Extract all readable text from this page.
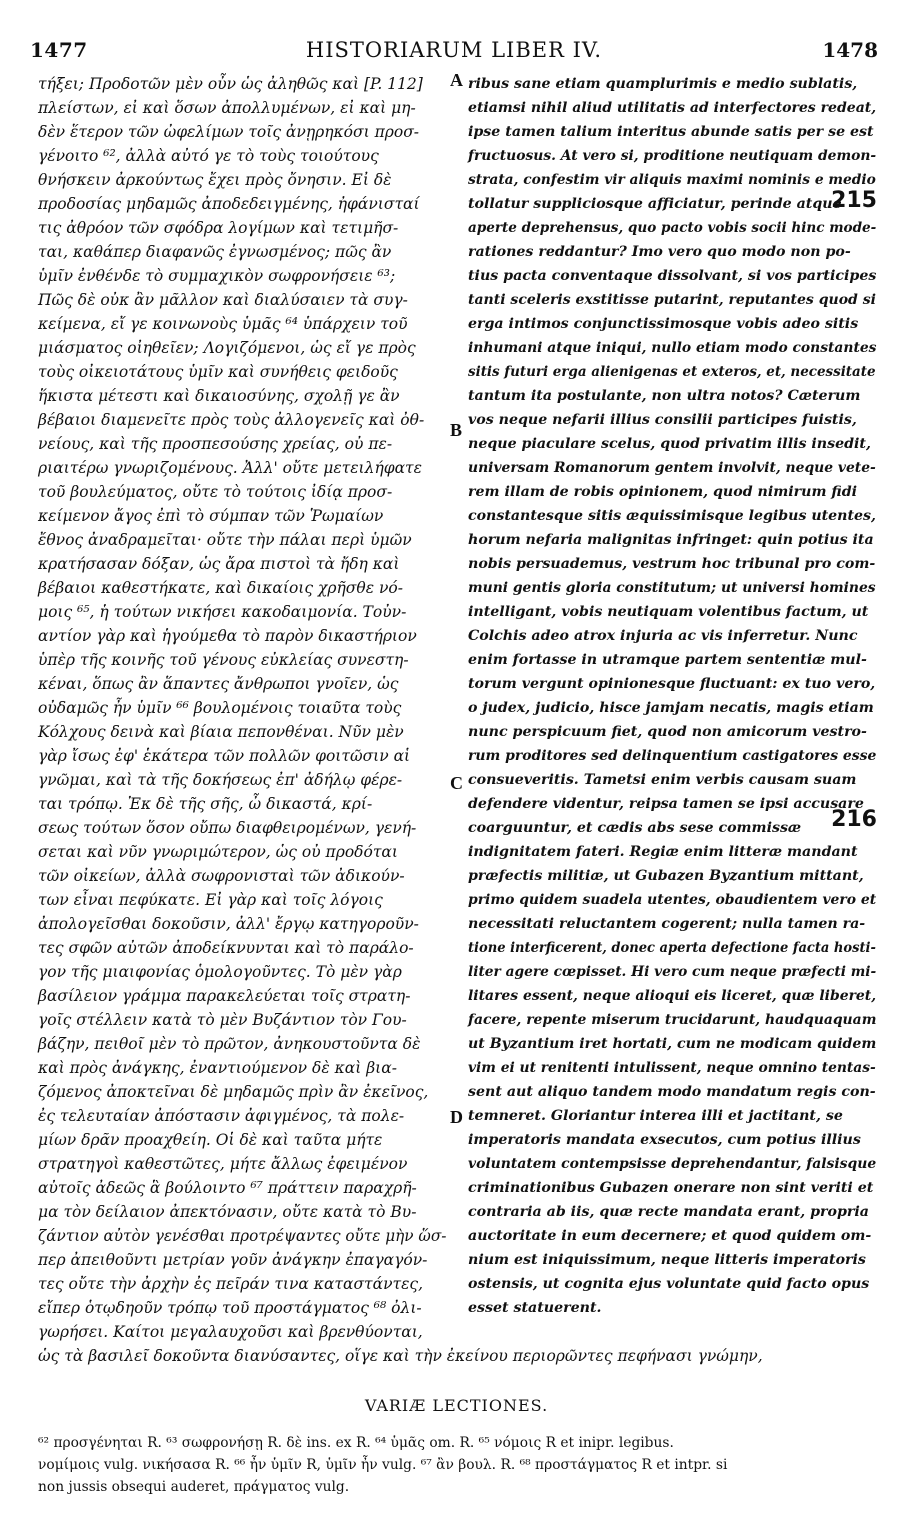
1477	HISTORIARUM LIBER IV.	1478
τήξει; Προδοτῶν μὲν οὖν ὡς ἀληθῶς καὶ [P. 112]
πλείστων, εἰ καὶ ὅσων ἀπολλυμένων, εἰ καὶ μη-
δὲν ἕτερον τῶν ὠφελίμων τοῖς ἀνῃρηκόσι προσ-
γένοιτο ⁶², ἀλλὰ αὐτό γε τὸ τοὺς τοιούτους
θνήσκειν ἀρκούντως ἔχει πρὸς ὄνησιν. Εἰ δὲ
προδοσίας μηδαμῶς ἀποδεδειγμένης, ἠφάνισταί
τις ἀθρόον τῶν σφόδρα λογίμων καὶ τετιμῆσ-
ται, καθάπερ διαφανῶς ἐγνωσμένος; πῶς ἂν
ὑμῖν ἐνθένδε τὸ συμμαχικὸν σωφρονήσειε ⁶³;
Πῶς δὲ οὐκ ἂν μᾶλλον καὶ διαλύσαιεν τὰ συγ-
κείμενα, εἴ γε κοινωνοὺς ὑμᾶς ⁶⁴ ὑπάρχειν τοῦ
μιάσματος οἰηθεῖεν; Λογιζόμενοι, ὡς εἴ γε πρὸς
τοὺς οἰκειοτάτους ὑμῖν καὶ συνήθεις φειδοῦς
ἥκιστα μέτεστι καὶ δικαιοσύνης, σχολῇ γε ἂν
βέβαιοι διαμενεῖτε πρὸς τοὺς ἀλλογενεῖς καὶ ὀθ-
νείους, καὶ τῆς προσπεσούσης χρείας, οὐ πε-
ριαιτέρω γνωριζομένους. Ἀλλ' οὔτε μετειλήφατε
τοῦ βουλεύματος, οὔτε τὸ τούτοις ἰδίᾳ προσ-
κείμενον ἄγος ἐπὶ τὸ σύμπαν τῶν Ῥωμαίων
ἔθνος ἀναδραμεῖται· οὔτε τὴν πάλαι περὶ ὑμῶν
κρατήσασαν δόξαν, ὡς ἄρα πιστοὶ τὰ ἤδη καὶ
βέβαιοι καθεστήκατε, καὶ δικαίοις χρῆσθε νό-
μοις ⁶⁵, ἡ τούτων νικήσει κακοδαιμονία. Τοὐν-
αντίον γὰρ καὶ ἡγούμεθα τὸ παρὸν δικαστήριον
ὑπὲρ τῆς κοινῆς τοῦ γένους εὐκλείας συνεστη-
κέναι, ὅπως ἂν ἅπαντες ἄνθρωποι γνοῖεν, ὡς
οὐδαμῶς ἦν ὑμῖν ⁶⁶ βουλομένοις τοιαῦτα τοὺς
Κόλχους δεινὰ καὶ βίαια πεπονθέναι. Νῦν μὲν
γὰρ ἴσως ἐφ' ἑκάτερα τῶν πολλῶν φοιτῶσιν αἱ
γνῶμαι, καὶ τὰ τῆς δοκήσεως ἐπ' ἀδήλῳ φέρε-
ται τρόπῳ. Ἐκ δὲ τῆς σῆς, ὦ δικαστά, κρί-
σεως τούτων ὅσον οὔπω διαφθειρομένων, γενή-
σεται καὶ νῦν γνωριμώτερον, ὡς οὐ προδόται
τῶν οἰκείων, ἀλλὰ σωφρονισταὶ τῶν ἀδικούν-
των εἶναι πεφύκατε. Εἰ γὰρ καὶ τοῖς λόγοις
ἀπολογεῖσθαι δοκοῦσιν, ἀλλ' ἔργῳ κατηγοροῦν-
τες σφῶν αὐτῶν ἀποδείκνυνται καὶ τὸ παράλο-
γον τῆς μιαιφονίας ὁμολογοῦντες. Τὸ μὲν γὰρ
βασίλειον γράμμα παρακελεύεται τοῖς στρατη-
γοῖς στέλλειν κατὰ τὸ μὲν Βυζάντιον τὸν Γου-
βάζην, πειθοῖ μὲν τὸ πρῶτον, ἀνηκουστοῦντα δὲ
καὶ πρὸς ἀνάγκης, ἐναντιούμενον δὲ καὶ βια-
ζόμενος ἀποκτεῖναι δὲ μηδαμῶς πρὶν ἂν ἐκεῖνος,
ἐς τελευταίαν ἀπόστασιν ἀφιγμένος, τὰ πολε-
μίων δρᾶν προαχθείη. Οἱ δὲ καὶ ταῦτα μήτε
στρατηγοὶ καθεστῶτες, μήτε ἄλλως ἐφειμένον
αὐτοῖς ἀδεῶς ἃ βούλοιντο ⁶⁷ πράττειν παραχρῆ-
μα τὸν δείλαιον ἀπεκτόνασιν, οὔτε κατὰ τὸ Βυ-
ζάντιον αὐτὸν γενέσθαι προτρέψαντες οὔτε μὴν ὥσ-
περ ἀπειθοῦντι μετρίαν γοῦν ἀνάγκην ἐπαγαγόν-
τες οὔτε τὴν ἀρχὴν ἐς πεῖράν τινα καταστάντες,
εἴπερ ὁτῳδηοῦν τρόπῳ τοῦ προστάγματος ⁶⁸ ὀλι-
γωρήσει. Καίτοι μεγαλαυχοῦσι καὶ βρενθύονται,
ribus sane etiam quamplurimis e medio sublatis,
etiamsi nihil aliud utilitatis ad interfectores redeat,
ipse tamen talium interitus abunde satis per se est
fructuosus. At vero si, proditione neutiquam demon-
strata, confestim vir aliquis maximi nominis e medio
tollatur suppliciosque afficiatur, perinde atque
aperte deprehensus, quo pacto vobis socii hinc mode-
rationes reddantur? Imo vero quo modo non po-
tius pacta conventaque dissolvant, si vos participes
tanti sceleris exstitisse putarint, reputantes quod si
erga intimos conjunctissimosque vobis adeo sitis
inhumani atque iniqui, nullo etiam modo constantes
sitis futuri erga alienigenas et exteros, et, necessitate
tantum ita postulante, non ultra notos? Cæterum
vos neque nefarii illius consilii participes fuistis,
neque piaculare scelus, quod privatim illis insedit,
universam Romanorum gentem involvit, neque vete-
rem illam de robis opinionem, quod nimirum fidi
constantesque sitis æquissimisque legibus utentes,
horum nefaria malignitas infringet: quin potius ita
nobis persuademus, vestrum hoc tribunal pro com-
muni gentis gloria constitutum; ut universi homines
intelligant, vobis neutiquam volentibus factum, ut
Colchis adeo atrox injuria ac vis inferretur. Nunc
enim fortasse in utramque partem sententiæ mul-
torum vergunt opinionesque fluctuant: ex tuo vero,
o judex, judicio, hisce jamjam necatis, magis etiam
nunc perspicuum fiet, quod non amicorum vestro-
rum proditores sed delinquentium castigatores esse
consueveritis. Tametsi enim verbis causam suam
defendere videntur, reipsa tamen se ipsi accusare
coarguuntur, et cædis abs sese commissæ
indignitatem fateri. Regiæ enim litteræ mandant
præfectis militiæ, ut Gubazen Byzantium mittant,
primo quidem suadela utentes, obaudientem vero et
necessitati reluctantem cogerent; nulla tamen ra-
tione interficerent, donec aperta defectione facta hosti-
liter agere cœpisset. Hi vero cum neque præfecti mi-
litares essent, neque alioqui eis liceret, quæ liberet,
facere, repente miserum trucidarunt, haudquaquam
ut Byzantium iret hortati, cum ne modicam quidem
vim ei ut renitenti intulissent, neque omnino tentas-
sent aut aliquo tandem modo mandatum regis con-
temneret. Gloriantur interea illi et jactitant, se
imperatoris mandata exsecutos, cum potius illius
voluntatem contempsisse deprehendantur, falsisque
criminationibus Gubazen onerare non sint veriti et
contraria ab iis, quæ recte mandata erant, propria
auctoritate in eum decernere; et quod quidem om-
nium est iniquissimum, neque litteris imperatoris
ostensis, ut cognita ejus voluntate quid facto opus
esset statuerent.
A
B
C
D
215
216
ὡς τὰ βασιλεῖ δοκοῦντα διανύσαντες, οἵγε καὶ τὴν ἐκείνου περιορῶντες πεφήνασι γνώμην,
VARIÆ LECTIONES.
⁶² προσγένηται R. ⁶³ σωφρονήσῃ R. δὲ ins. ex R. ⁶⁴ ὑμᾶς om. R. ⁶⁵ νόμοις R et inipr. legibus.
νομίμοις vulg. νικήσασα R. ⁶⁶ ἦν ὑμῖν R, ὑμῖν ἦν vulg. ⁶⁷ ἂν βουλ. R. ⁶⁸ προστάγματος R et intpr. si
non jussis obsequi auderet, πράγματος vulg.
